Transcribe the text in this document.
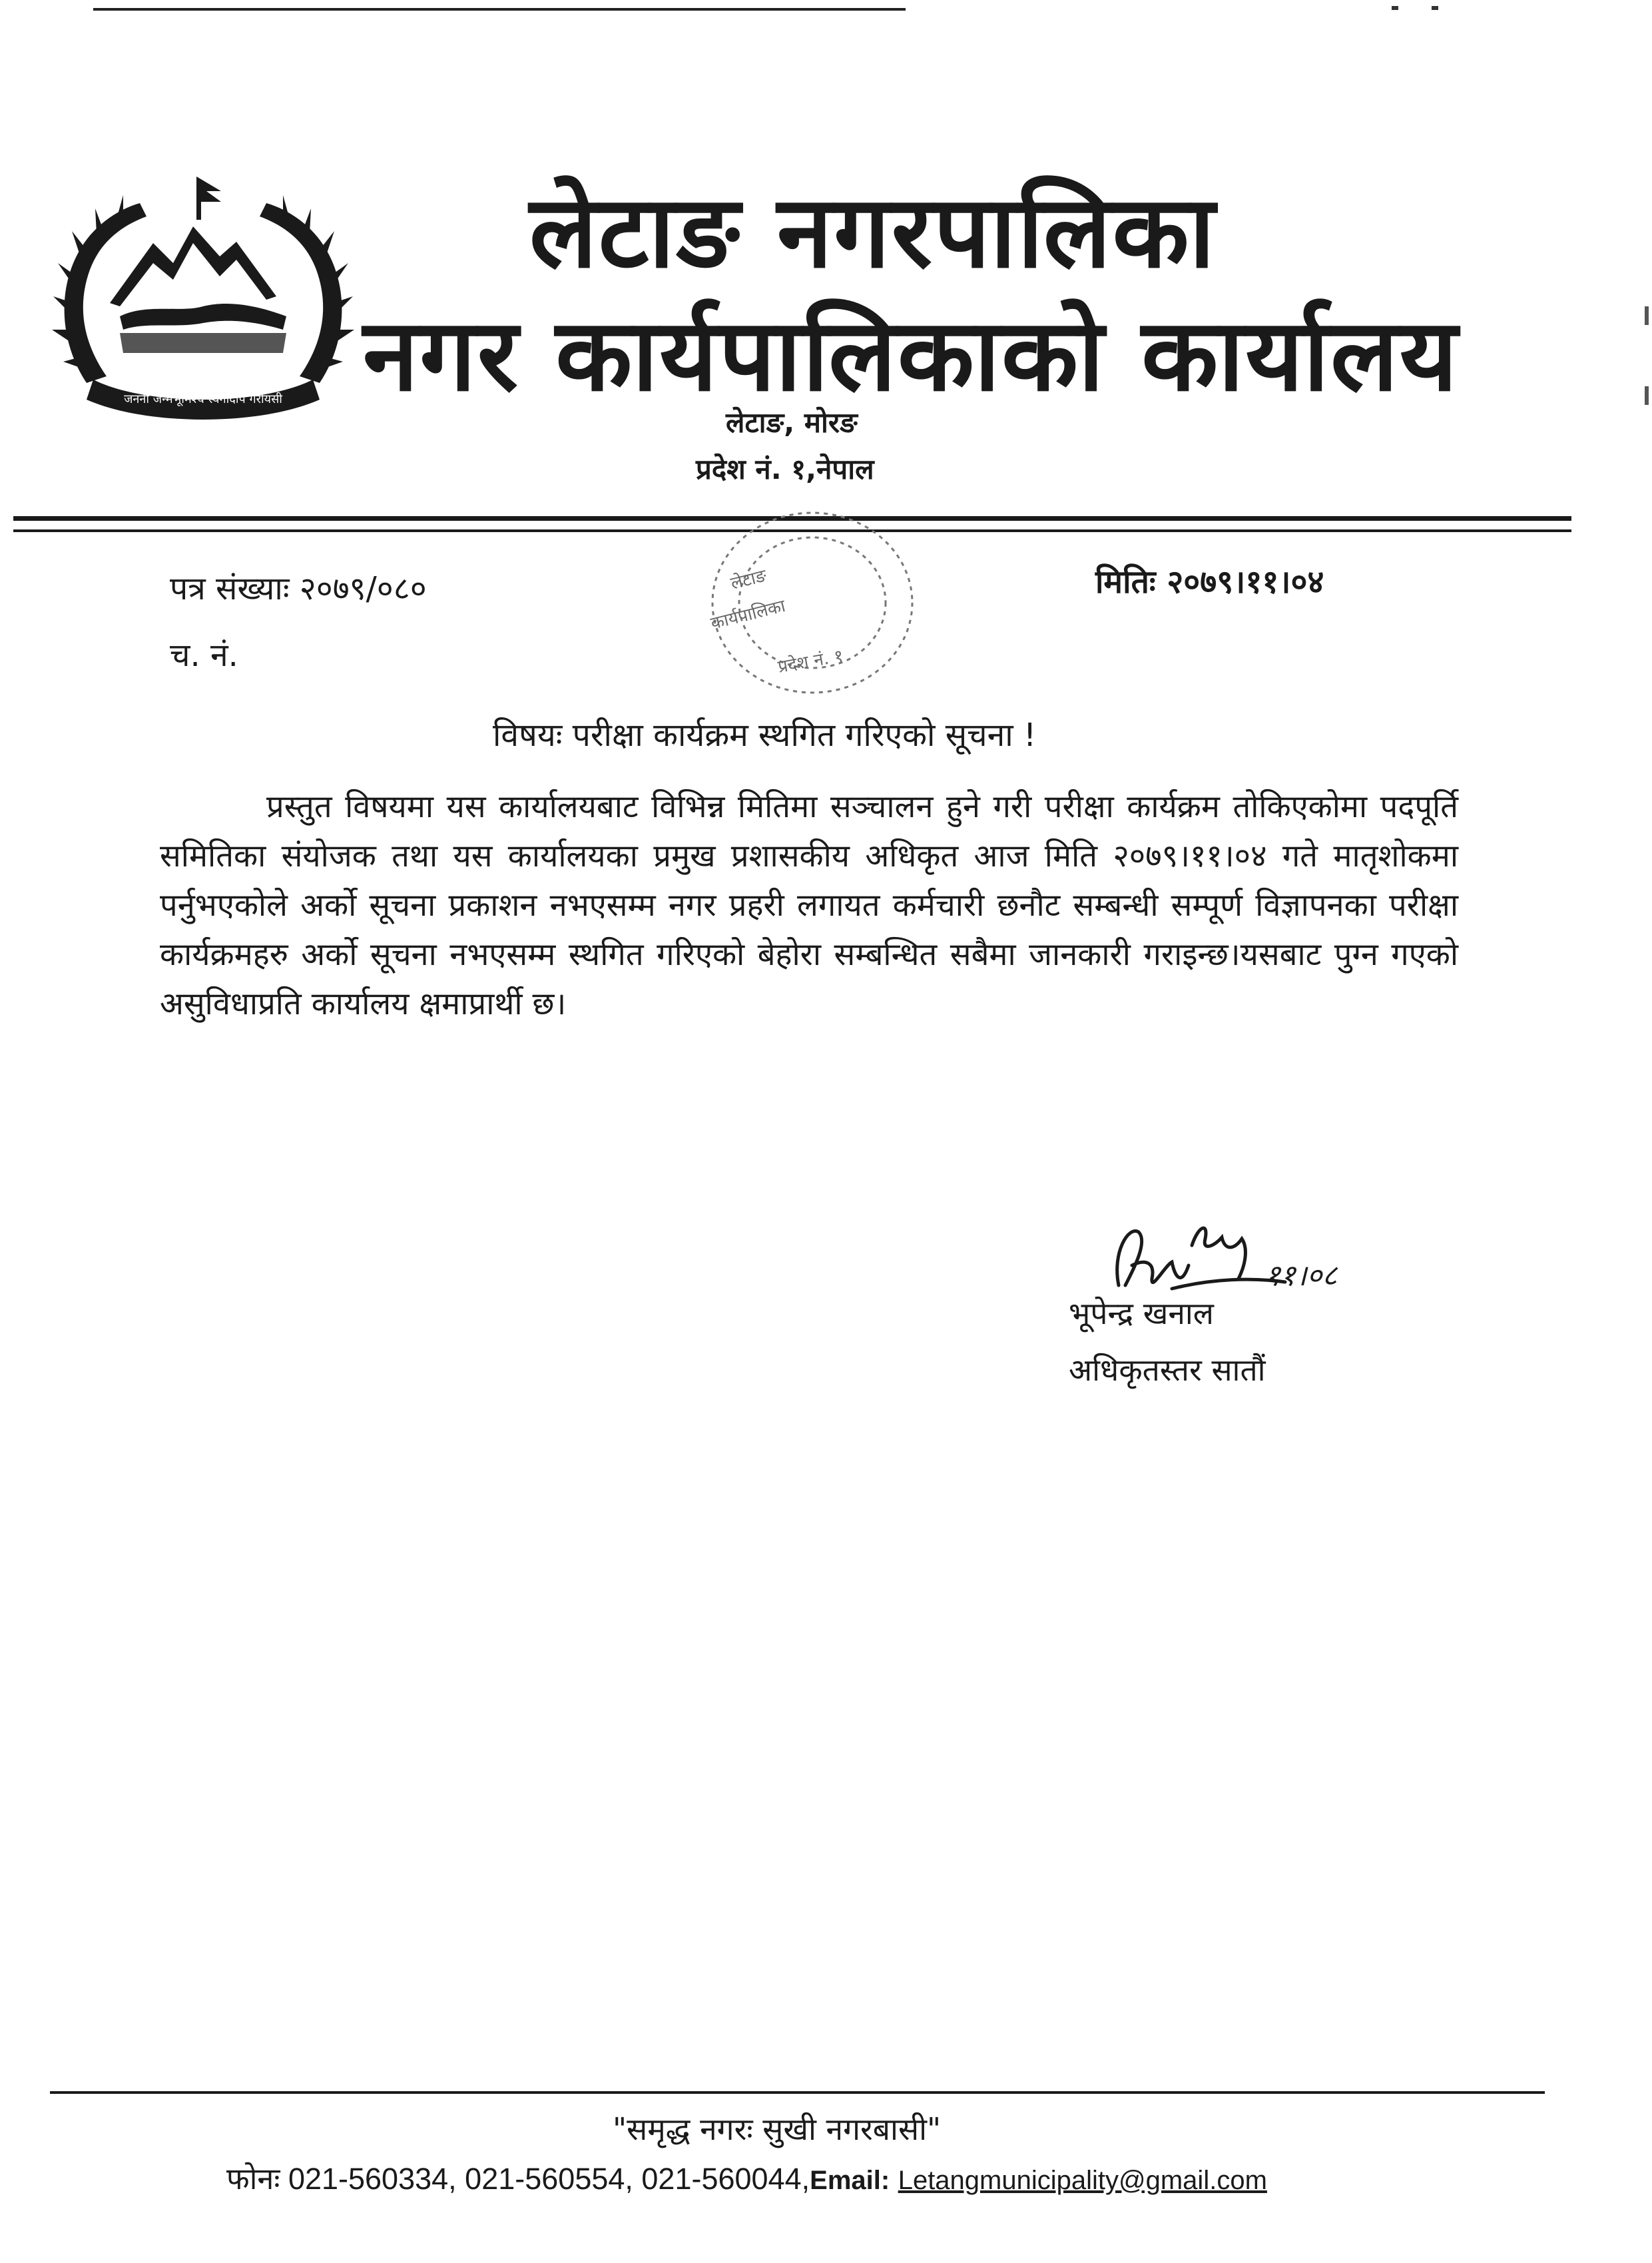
जननी जन्मभूमिश्च स्वर्गादपि गरीयसी
लेटाङ नगरपालिका
नगर कार्यपालिकाको कार्यालय
लेटाङ, मोरङ
प्रदेश नं. १,नेपाल
लेटाङ
कार्यपालिका
प्रदेश नं. १
पत्र संख्याः २०७९/०८०
च. नं.
मितिः २०७९।११।०४
विषयः परीक्षा कार्यक्रम स्थगित गरिएको सूचना !
प्रस्तुत विषयमा यस कार्यालयबाट विभिन्न मितिमा सञ्चालन हुने गरी परीक्षा कार्यक्रम तोकिएकोमा पदपूर्ति समितिका संयोजक तथा यस कार्यालयका प्रमुख प्रशासकीय अधिकृत आज मिति २०७९।११।०४ गते मातृशोकमा पर्नुभएकोले अर्को सूचना प्रकाशन नभएसम्म नगर प्रहरी लगायत कर्मचारी छनौट सम्बन्धी सम्पूर्ण विज्ञापनका परीक्षा कार्यक्रमहरु अर्को सूचना नभएसम्म स्थगित गरिएको बेहोरा सम्बन्धित सबैमा जानकारी गराइन्छ।यसबाट पुग्न गएको असुविधाप्रति कार्यालय क्षमाप्रार्थी छ।
११।०८
भूपेन्द्र खनाल
अधिकृतस्तर सातौं
"समृद्ध नगरः सुखी नगरबासी"
फोनः 021-560334, 021-560554, 021-560044,Email: Letangmunicipality@gmail.com
